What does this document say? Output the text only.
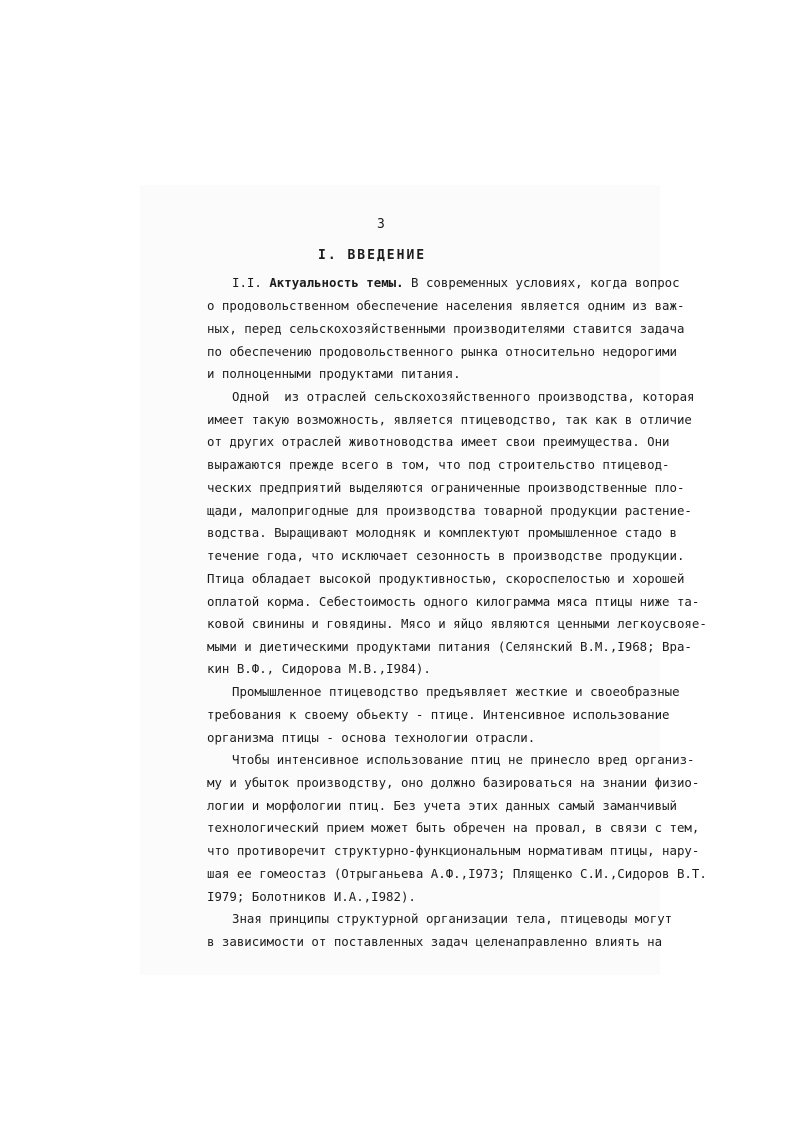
3
I. ВВЕДЕНИЕ
I.I. Актуальность темы. В современных условиях, когда вопрос
о продовольственном обеспечение населения является одним из важ-
ных, перед сельскохозяйственными производителями ставится задача
по обеспечению продовольственного рынка относительно недорогими
и полноценными продуктами питания.
Одной  из отраслей сельскохозяйственного производства, которая
имеет такую возможность, является птицеводство, так как в отличие
от других отраслей животноводства имеет свои преимущества. Они
выражаются прежде всего в том, что под строительство птицевод-
ческих предприятий выделяются ограниченные производственные пло-
щади, малопригодные для производства товарной продукции растение-
водства. Выращивают молодняк и комплектуют промышленное стадо в
течение года, что исключает сезонность в производстве продукции.
Птица обладает высокой продуктивностью, скороспелостью и хорошей
оплатой корма. Себестоимость одного килограмма мяса птицы ниже та-
ковой свинины и говядины. Мясо и яйцо являются ценными легкоусвояе-
мыми и диетическими продуктами питания (Селянский В.М.,I968; Вра-
кин В.Ф., Сидорова М.В.,I984).
Промышленное птицеводство предъявляет жесткие и своеобразные
требования к своему обьекту - птице. Интенсивное использование
организма птицы - основа технологии отрасли.
Чтобы интенсивное использование птиц не принесло вред организ-
му и убыток производству, оно должно базироваться на знании физио-
логии и морфологии птиц. Без учета этих данных самый заманчивый
технологический прием может быть обречен на провал, в связи с тем,
что противоречит структурно-функциональным нормативам птицы, нару-
шая ее гомеостаз (Отрыганьева А.Ф.,I973; Плященко С.И.,Сидоров В.Т.
I979; Болотников И.А.,I982).
Зная принципы структурной организации тела, птицеводы могут
в зависимости от поставленных задач целенаправленно влиять на
